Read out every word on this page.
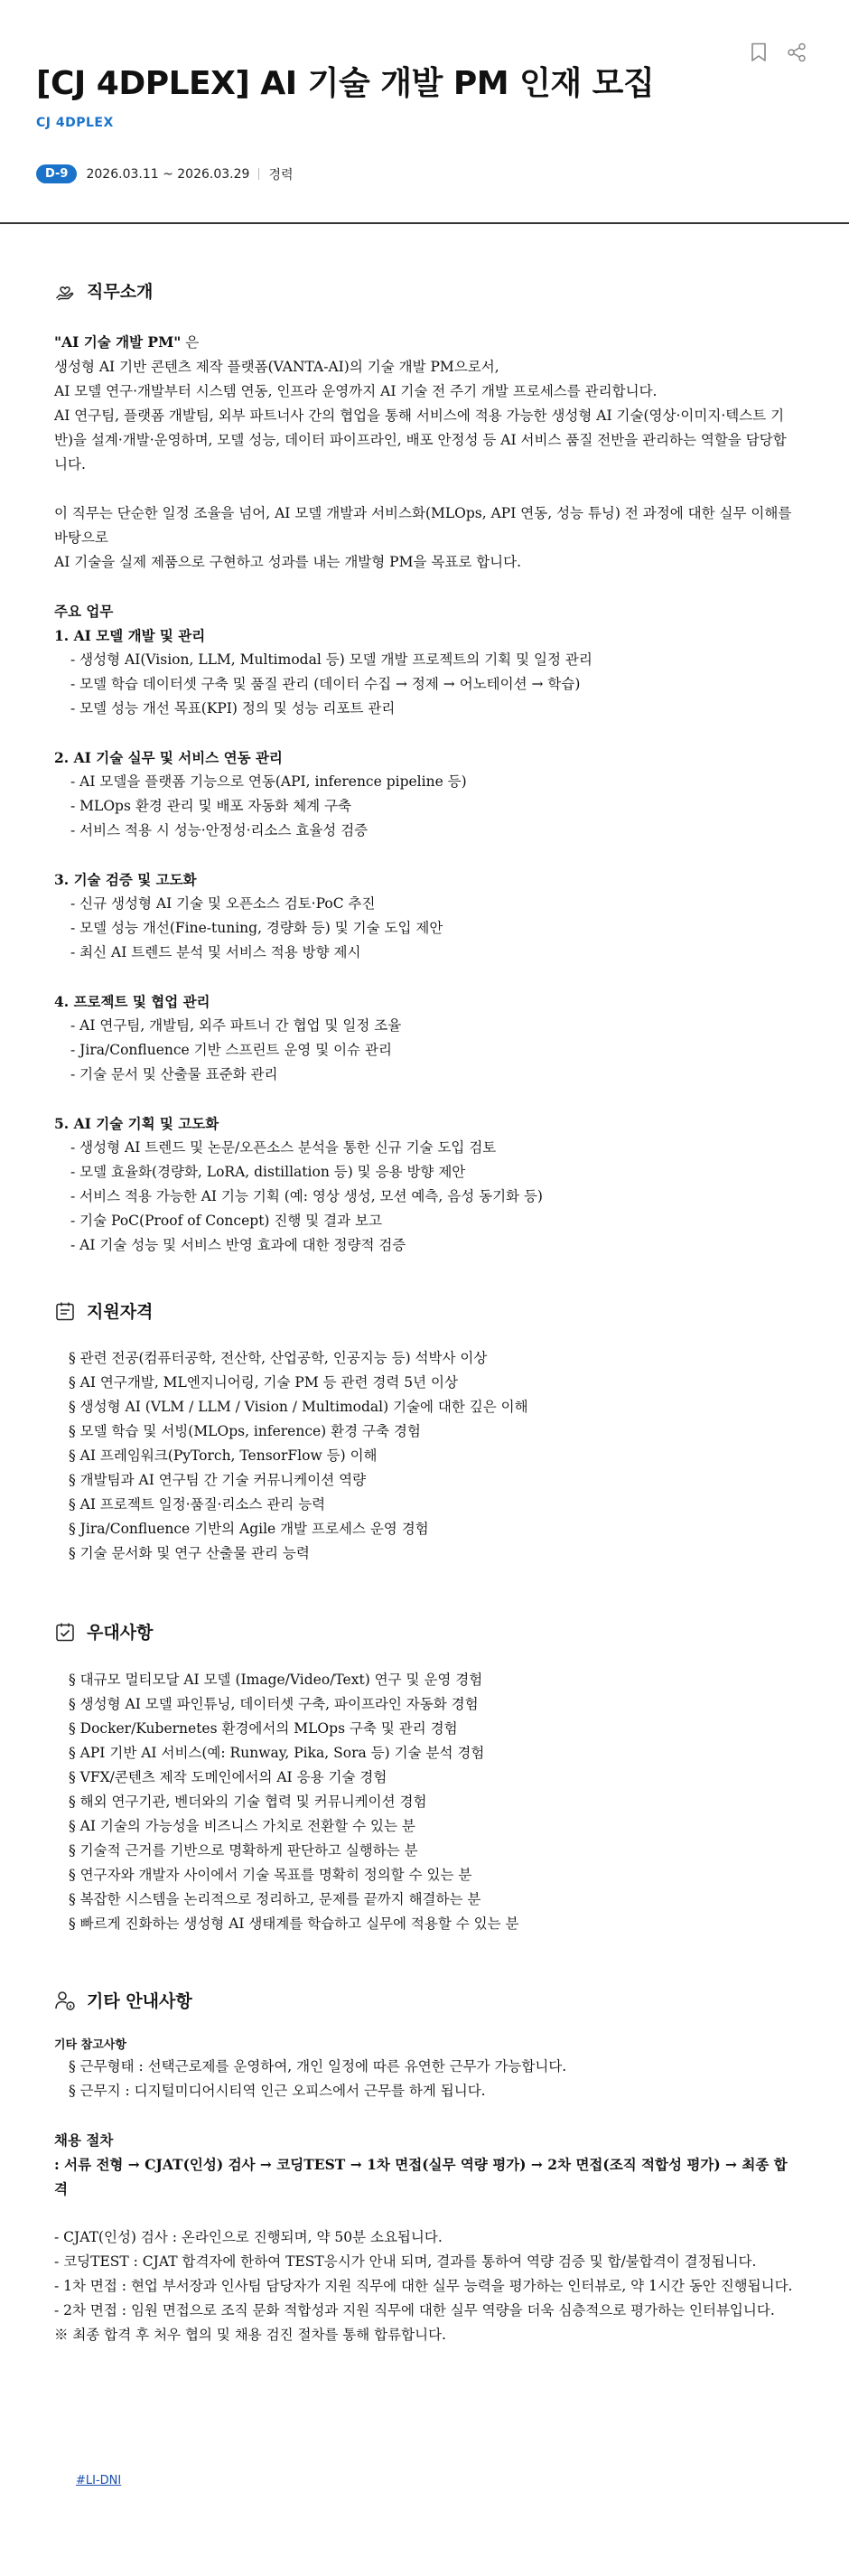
[CJ 4DPLEX] AI 기술 개발 PM 인재 모집
CJ 4DPLEX
D-9	2026.03.11 ~ 2026.03.29 경력
직무소개
"AI 기술 개발 PM" 은
생성형 AI 기반 콘텐츠 제작 플랫폼(VANTA-AI)의 기술 개발 PM으로서,
AI 모델 연구·개발부터 시스템 연동, 인프라 운영까지 AI 기술 전 주기 개발 프로세스를 관리합니다.
AI 연구팀, 플랫폼 개발팀, 외부 파트너사 간의 협업을 통해 서비스에 적용 가능한 생성형 AI 기술(영상·이미지·텍스트 기반)을 설계·개발·운영하며, 모델 성능, 데이터 파이프라인, 배포 안정성 등 AI 서비스 품질 전반을 관리하는 역할을 담당합니다.
이 직무는 단순한 일정 조율을 넘어, AI 모델 개발과 서비스화(MLOps, API 연동, 성능 튜닝) 전 과정에 대한 실무 이해를 바탕으로
AI 기술을 실제 제품으로 구현하고 성과를 내는 개발형 PM을 목표로 합니다.
주요 업무
1. AI 모델 개발 및 관리
- 생성형 AI(Vision, LLM, Multimodal 등) 모델 개발 프로젝트의 기획 및 일정 관리
- 모델 학습 데이터셋 구축 및 품질 관리 (데이터 수집 → 정제 → 어노테이션 → 학습)
- 모델 성능 개선 목표(KPI) 정의 및 성능 리포트 관리
2. AI 기술 실무 및 서비스 연동 관리
- AI 모델을 플랫폼 기능으로 연동(API, inference pipeline 등)
- MLOps 환경 관리 및 배포 자동화 체계 구축
- 서비스 적용 시 성능·안정성·리소스 효율성 검증
3. 기술 검증 및 고도화
- 신규 생성형 AI 기술 및 오픈소스 검토·PoC 추진
- 모델 성능 개선(Fine-tuning, 경량화 등) 및 기술 도입 제안
- 최신 AI 트렌드 분석 및 서비스 적용 방향 제시
4. 프로젝트 및 협업 관리
- AI 연구팀, 개발팀, 외주 파트너 간 협업 및 일정 조율
- Jira/Confluence 기반 스프린트 운영 및 이슈 관리
- 기술 문서 및 산출물 표준화 관리
5. AI 기술 기획 및 고도화
- 생성형 AI 트렌드 및 논문/오픈소스 분석을 통한 신규 기술 도입 검토
- 모델 효율화(경량화, LoRA, distillation 등) 및 응용 방향 제안
- 서비스 적용 가능한 AI 기능 기획 (예: 영상 생성, 모션 예측, 음성 동기화 등)
- 기술 PoC(Proof of Concept) 진행 및 결과 보고
- AI 기술 성능 및 서비스 반영 효과에 대한 정량적 검증
지원자격
§ 관련 전공(컴퓨터공학, 전산학, 산업공학, 인공지능 등) 석박사 이상
§ AI 연구개발, ML엔지니어링, 기술 PM 등 관련 경력 5년 이상
§ 생성형 AI (VLM / LLM / Vision / Multimodal) 기술에 대한 깊은 이해
§ 모델 학습 및 서빙(MLOps, inference) 환경 구축 경험
§ AI 프레임워크(PyTorch, TensorFlow 등) 이해
§ 개발팀과 AI 연구팀 간 기술 커뮤니케이션 역량
§ AI 프로젝트 일정·품질·리소스 관리 능력
§ Jira/Confluence 기반의 Agile 개발 프로세스 운영 경험
§ 기술 문서화 및 연구 산출물 관리 능력
우대사항
§ 대규모 멀티모달 AI 모델 (Image/Video/Text) 연구 및 운영 경험
§ 생성형 AI 모델 파인튜닝, 데이터셋 구축, 파이프라인 자동화 경험
§ Docker/Kubernetes 환경에서의 MLOps 구축 및 관리 경험
§ API 기반 AI 서비스(예: Runway, Pika, Sora 등) 기술 분석 경험
§ VFX/콘텐츠 제작 도메인에서의 AI 응용 기술 경험
§ 해외 연구기관, 벤더와의 기술 협력 및 커뮤니케이션 경험
§ AI 기술의 가능성을 비즈니스 가치로 전환할 수 있는 분
§ 기술적 근거를 기반으로 명확하게 판단하고 실행하는 분
§ 연구자와 개발자 사이에서 기술 목표를 명확히 정의할 수 있는 분
§ 복잡한 시스템을 논리적으로 정리하고, 문제를 끝까지 해결하는 분
§ 빠르게 진화하는 생성형 AI 생태계를 학습하고 실무에 적용할 수 있는 분
기타 안내사항
기타 참고사항
§ 근무형태 : 선택근로제를 운영하여, 개인 일정에 따른 유연한 근무가 가능합니다.
§ 근무지 : 디지털미디어시티역 인근 오피스에서 근무를 하게 됩니다.
채용 절차
: 서류 전형 → CJAT(인성) 검사 → 코딩TEST → 1차 면접(실무 역량 평가) → 2차 면접(조직 적합성 평가) → 최종 합격
- CJAT(인성) 검사 : 온라인으로 진행되며, 약 50분 소요됩니다.
- 코딩TEST : CJAT 합격자에 한하여 TEST응시가 안내 되며, 결과를 통하여 역량 검증 및 합/불합격이 결정됩니다.
- 1차 면접 : 현업 부서장과 인사팀 담당자가 지원 직무에 대한 실무 능력을 평가하는 인터뷰로, 약 1시간 동안 진행됩니다.
- 2차 면접 : 임원 면접으로 조직 문화 적합성과 지원 직무에 대한 실무 역량을 더욱 심층적으로 평가하는 인터뷰입니다.
※ 최종 합격 후 처우 협의 및 채용 검진 절차를 통해 합류합니다.
#LI-DNI
